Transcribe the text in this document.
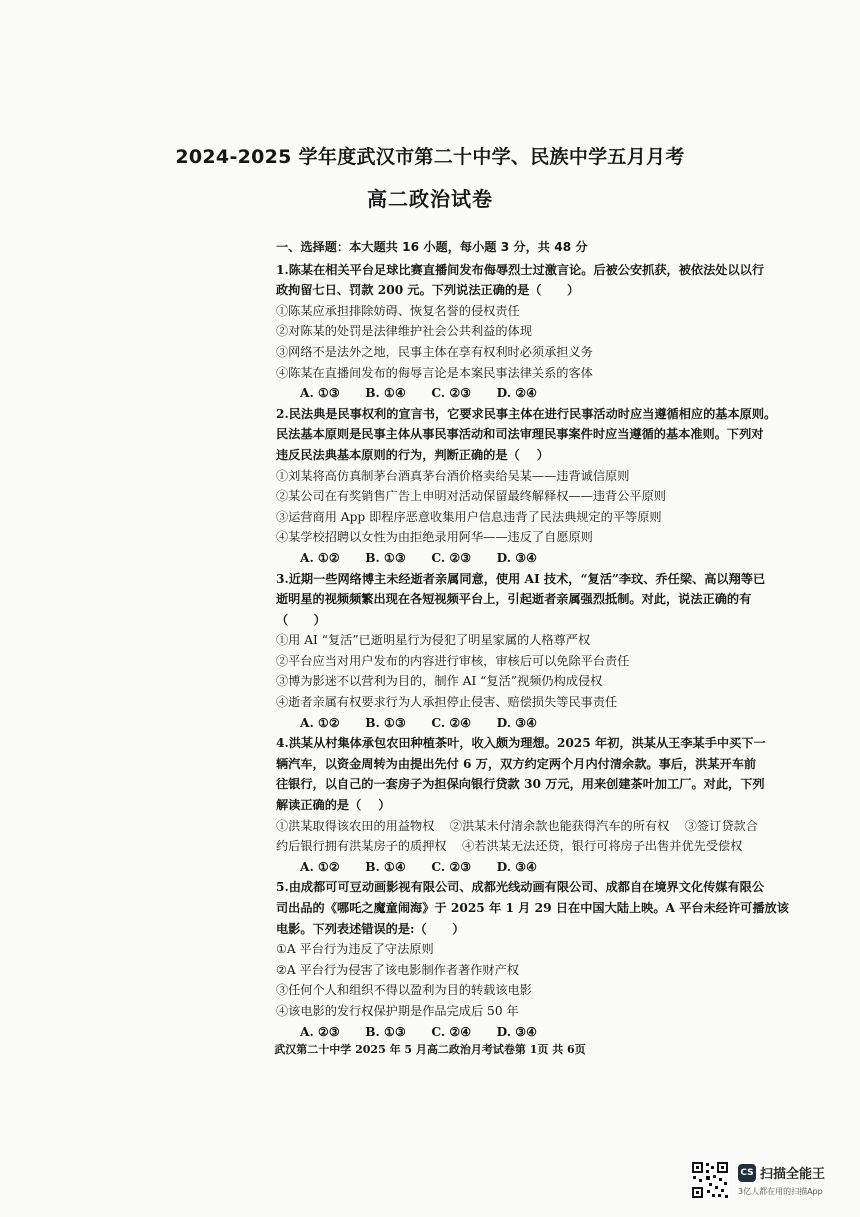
2024-2025 学年度武汉市第二十中学、民族中学五月月考
高二政治试卷

一、选择题：本大题共 16 小题，每小题 3 分，共 48 分

1.陈某在相关平台足球比赛直播间发布侮辱烈士过激言论。后被公安抓获，被依法处以以行

政拘留七日、罚款 200 元。下列说法正确的是（      ）

①陈某应承担排除妨碍、恢复名誉的侵权责任

②对陈某的处罚是法律维护社会公共利益的体现

③网络不是法外之地，民事主体在享有权利时必须承担义务

④陈某在直播间发布的侮辱言论是本案民事法律关系的客体

A. ①③      B. ①④      C. ②③      D. ②④

2.民法典是民事权利的宣言书，它要求民事主体在进行民事活动时应当遵循相应的基本原则。

民法基本原则是民事主体从事民事活动和司法审理民事案件时应当遵循的基本准则。下列对

违反民法典基本原则的行为，判断正确的是（    ）

①刘某将高仿真制茅台酒真茅台酒价格卖给吴某——违背诚信原则

②某公司在有奖销售广告上申明对活动保留最终解释权——违背公平原则

③运营商用 App 即程序恶意收集用户信息违背了民法典规定的平等原则

④某学校招聘以女性为由拒绝录用阿华——违反了自愿原则

A. ①②      B. ①③      C. ②③      D. ③④

3.近期一些网络博主未经逝者亲属同意，使用 AI 技术，“复活”李玟、乔任梁、高以翔等已

逝明星的视频频繁出现在各短视频平台上，引起逝者亲属强烈抵制。对此，说法正确的有

（      ）

①用 AI “复活”已逝明星行为侵犯了明星家属的人格尊严权

②平台应当对用户发布的内容进行审核，审核后可以免除平台责任

③博为影迷不以营利为目的，制作 AI “复活”视频仍构成侵权

④逝者亲属有权要求行为人承担停止侵害、赔偿损失等民事责任

A. ①②      B. ①③      C. ②④      D. ③④

4.洪某从村集体承包农田种植茶叶，收入颇为理想。2025 年初，洪某从王李某手中买下一

辆汽车，以资金周转为由提出先付 6 万，双方约定两个月内付清余款。事后，洪某开车前

往银行，以自己的一套房子为担保向银行贷款 30 万元，用来创建茶叶加工厂。对此，下列

解读正确的是（    ）

①洪某取得该农田的用益物权    ②洪某未付清余款也能获得汽车的所有权    ③签订贷款合

约后银行拥有洪某房子的质押权    ④若洪某无法还贷，银行可将房子出售并优先受偿权

A. ①②      B. ①④      C. ②③      D. ③④

5.由成都可可豆动画影视有限公司、成都光线动画有限公司、成都自在境界文化传媒有限公

司出品的《哪吒之魔童闹海》于 2025 年 1 月 29 日在中国大陆上映。A 平台未经许可播放该

电影。下列表述错误的是:（      ）

①A 平台行为违反了守法原则

②A 平台行为侵害了该电影制作者著作财产权

③任何个人和组织不得以盈利为目的转载该电影

④该电影的发行权保护期是作品完成后 50 年

A. ②③      B. ①③      C. ②④      D. ③④

武汉第二十中学 2025 年 5 月高二政治月考试卷第 1页 共 6页
CS 扫描全能王
3亿人都在用的扫描App
